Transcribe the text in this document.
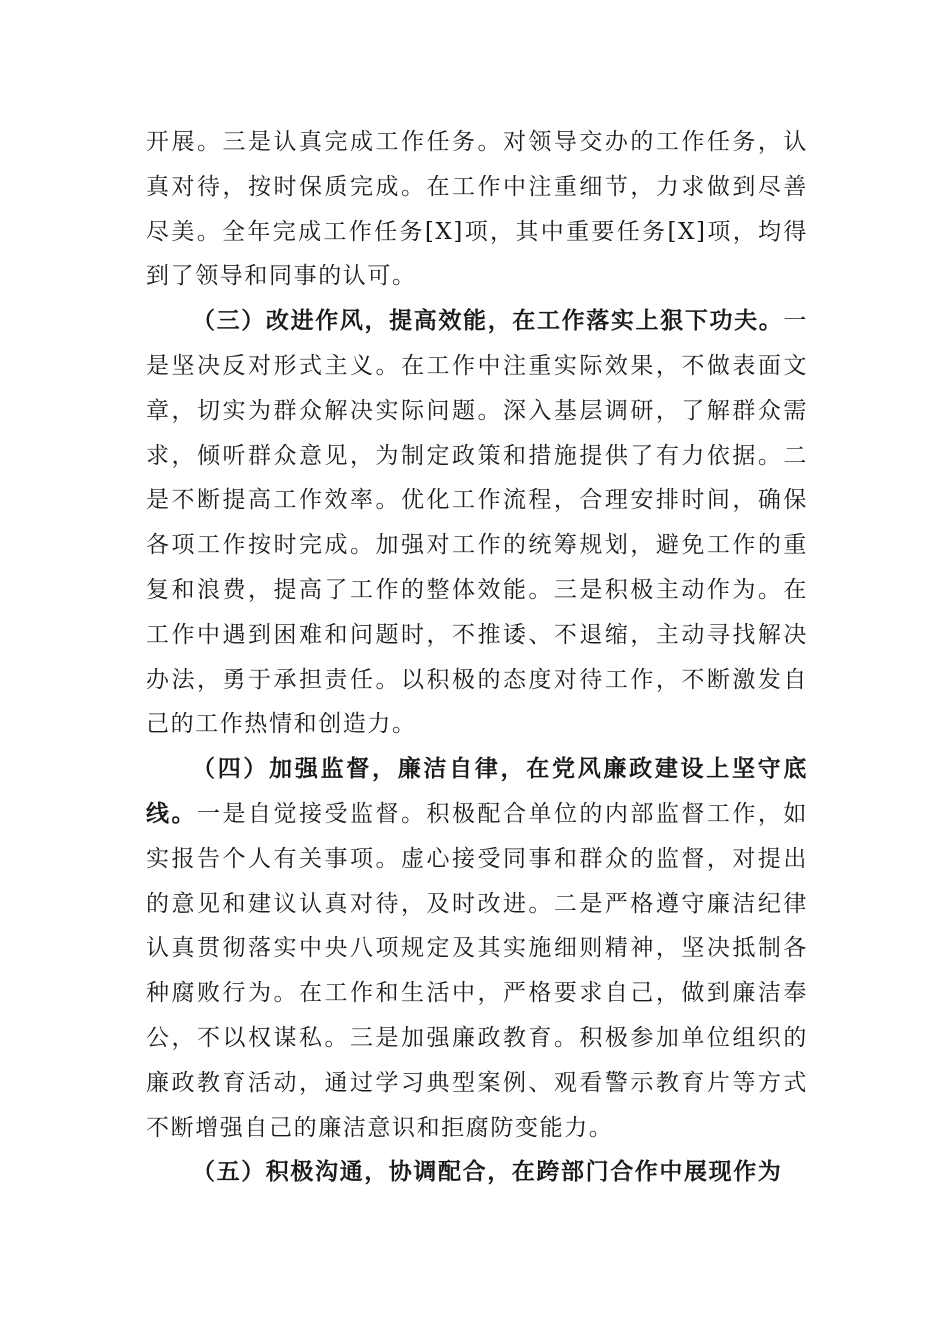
开展。三是认真完成工作任务。对领导交办的工作任务，认真对待，按时保质完成。在工作中注重细节，力求做到尽善尽美。全年完成工作任务[X]项，其中重要任务[X]项，均得到了领导和同事的认可。

（三）改进作风，提高效能，在工作落实上狠下功夫。一是坚决反对形式主义。在工作中注重实际效果，不做表面文章，切实为群众解决实际问题。深入基层调研，了解群众需求，倾听群众意见，为制定政策和措施提供了有力依据。二是不断提高工作效率。优化工作流程，合理安排时间，确保各项工作按时完成。加强对工作的统筹规划，避免工作的重复和浪费，提高了工作的整体效能。三是积极主动作为。在工作中遇到困难和问题时，不推诿、不退缩，主动寻找解决办法，勇于承担责任。以积极的态度对待工作，不断激发自己的工作热情和创造力。

（四）加强监督，廉洁自律，在党风廉政建设上坚守底线。一是自觉接受监督。积极配合单位的内部监督工作，如实报告个人有关事项。虚心接受同事和群众的监督，对提出的意见和建议认真对待，及时改进。二是严格遵守廉洁纪律认真贯彻落实中央八项规定及其实施细则精神，坚决抵制各种腐败行为。在工作和生活中，严格要求自己，做到廉洁奉公，不以权谋私。三是加强廉政教育。积极参加单位组织的廉政教育活动，通过学习典型案例、观看警示教育片等方式不断增强自己的廉洁意识和拒腐防变能力。

（五）积极沟通，协调配合，在跨部门合作中展现作为
